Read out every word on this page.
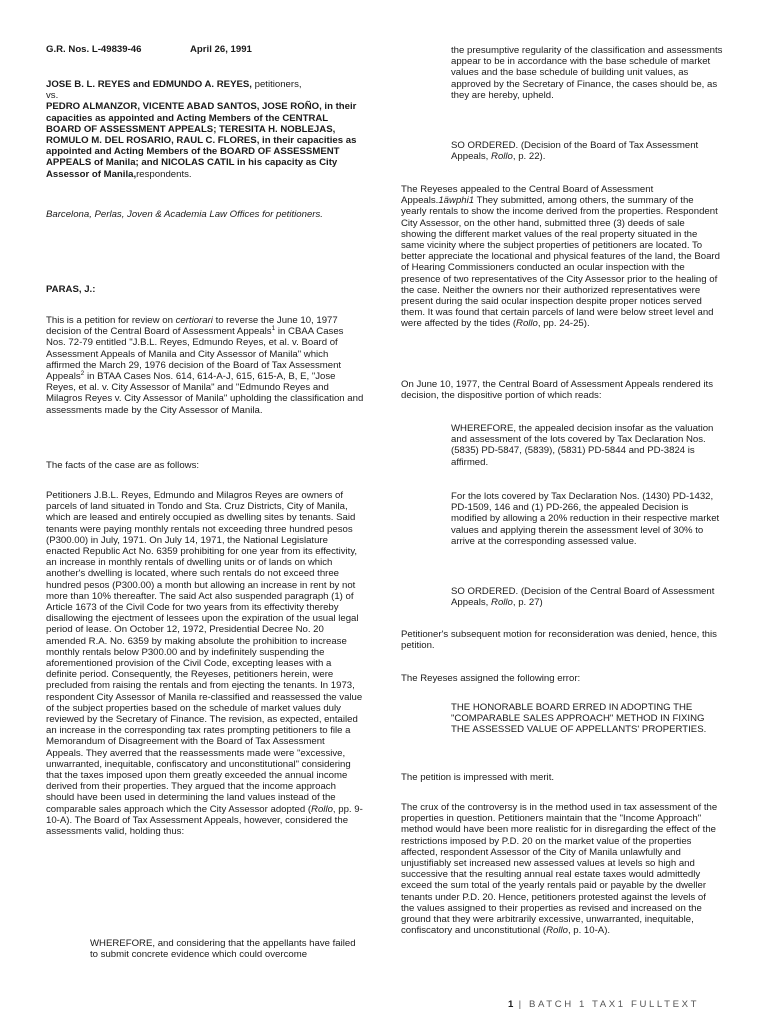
G.R. Nos. L-49839-46	April 26, 1991

JOSE B. L. REYES and EDMUNDO A. REYES, petitioners,
vs.
PEDRO ALMANZOR, VICENTE ABAD SANTOS, JOSE ROÑO, in their capacities as appointed and Acting Members of the CENTRAL BOARD OF ASSESSMENT APPEALS; TERESITA H. NOBLEJAS, ROMULO M. DEL ROSARIO, RAUL C. FLORES, in their capacities as appointed and Acting Members of the BOARD OF ASSESSMENT APPEALS of Manila; and NICOLAS CATIL in his capacity as City Assessor of Manila,respondents.

Barcelona, Perlas, Joven & Academia Law Offices for petitioners.

PARAS, J.:

This is a petition for review on certiorari to reverse the June 10, 1977 decision of the Central Board of Assessment Appeals$^1$ in CBAA Cases Nos. 72-79 entitled "J.B.L. Reyes, Edmundo Reyes, et al. v. Board of Assessment Appeals of Manila and City Assessor of Manila" which affirmed the March 29, 1976 decision of the Board of Tax Assessment Appeals$^2$ in BTAA Cases Nos. 614, 614-A-J, 615, 615-A, B, E, "Jose Reyes, et al. v. City Assessor of Manila" and "Edmundo Reyes and Milagros Reyes v. City Assessor of Manila" upholding the classification and assessments made by the City Assessor of Manila.

The facts of the case are as follows:

Petitioners J.B.L. Reyes, Edmundo and Milagros Reyes are owners of parcels of land situated in Tondo and Sta. Cruz Districts, City of Manila, which are leased and entirely occupied as dwelling sites by tenants. Said tenants were paying monthly rentals not exceeding three hundred pesos (P300.00) in July, 1971. On July 14, 1971, the National Legislature enacted Republic Act No. 6359 prohibiting for one year from its effectivity, an increase in monthly rentals of dwelling units or of lands on which another's dwelling is located, where such rentals do not exceed three hundred pesos (P300.00) a month but allowing an increase in rent by not more than 10% thereafter. The said Act also suspended paragraph (1) of Article 1673 of the Civil Code for two years from its effectivity thereby disallowing the ejectment of lessees upon the expiration of the usual legal period of lease. On October 12, 1972, Presidential Decree No. 20 amended R.A. No. 6359 by making absolute the prohibition to increase monthly rentals below P300.00 and by indefinitely suspending the aforementioned provision of the Civil Code, excepting leases with a definite period. Consequently, the Reyeses, petitioners herein, were precluded from raising the rentals and from ejecting the tenants. In 1973, respondent City Assessor of Manila re-classified and reassessed the value of the subject properties based on the schedule of market values duly reviewed by the Secretary of Finance. The revision, as expected, entailed an increase in the corresponding tax rates prompting petitioners to file a Memorandum of Disagreement with the Board of Tax Assessment Appeals. They averred that the reassessments made were "excessive, unwarranted, inequitable, confiscatory and unconstitutional" considering that the taxes imposed upon them greatly exceeded the annual income derived from their properties. They argued that the income approach should have been used in determining the land values instead of the comparable sales approach which the City Assessor adopted (Rollo, pp. 9-10-A). The Board of Tax Assessment Appeals, however, considered the assessments valid, holding thus:

WHEREFORE, and considering that the appellants have failed to submit concrete evidence which could overcome

the presumptive regularity of the classification and assessments appear to be in accordance with the base schedule of market values and the base schedule of building unit values, as approved by the Secretary of Finance, the cases should be, as they are hereby, upheld.

SO ORDERED. (Decision of the Board of Tax Assessment Appeals, Rollo, p. 22).

The Reyeses appealed to the Central Board of Assessment Appeals.1äwphi1 They submitted, among others, the summary of the yearly rentals to show the income derived from the properties. Respondent City Assessor, on the other hand, submitted three (3) deeds of sale showing the different market values of the real property situated in the same vicinity where the subject properties of petitioners are located. To better appreciate the locational and physical features of the land, the Board of Hearing Commissioners conducted an ocular inspection with the presence of two representatives of the City Assessor prior to the healing of the case. Neither the owners nor their authorized representatives were present during the said ocular inspection despite proper notices served them. It was found that certain parcels of land were below street level and were affected by the tides (Rollo, pp. 24-25).

On June 10, 1977, the Central Board of Assessment Appeals rendered its decision, the dispositive portion of which reads:

WHEREFORE, the appealed decision insofar as the valuation and assessment of the lots covered by Tax Declaration Nos. (5835) PD-5847, (5839), (5831) PD-5844 and PD-3824 is affirmed.

For the lots covered by Tax Declaration Nos. (1430) PD-1432, PD-1509, 146 and (1) PD-266, the appealed Decision is modified by allowing a 20% reduction in their respective market values and applying therein the assessment level of 30% to arrive at the corresponding assessed value.

SO ORDERED. (Decision of the Central Board of Assessment Appeals, Rollo, p. 27)

Petitioner's subsequent motion for reconsideration was denied, hence, this petition.

The Reyeses assigned the following error:

THE HONORABLE BOARD ERRED IN ADOPTING THE "COMPARABLE SALES APPROACH" METHOD IN FIXING THE ASSESSED VALUE OF APPELLANTS' PROPERTIES.

The petition is impressed with merit.

The crux of the controversy is in the method used in tax assessment of the properties in question. Petitioners maintain that the "Income Approach" method would have been more realistic for in disregarding the effect of the restrictions imposed by P.D. 20 on the market value of the properties affected, respondent Assessor of the City of Manila unlawfully and unjustifiably set increased new assessed values at levels so high and successive that the resulting annual real estate taxes would admittedly exceed the sum total of the yearly rentals paid or payable by the dweller tenants under P.D. 20. Hence, petitioners protested against the levels of the values assigned to their properties as revised and increased on the ground that they were arbitrarily excessive, unwarranted, inequitable, confiscatory and unconstitutional (Rollo, p. 10-A).

1 | BATCH 1 TAX1 FULLTEXT
